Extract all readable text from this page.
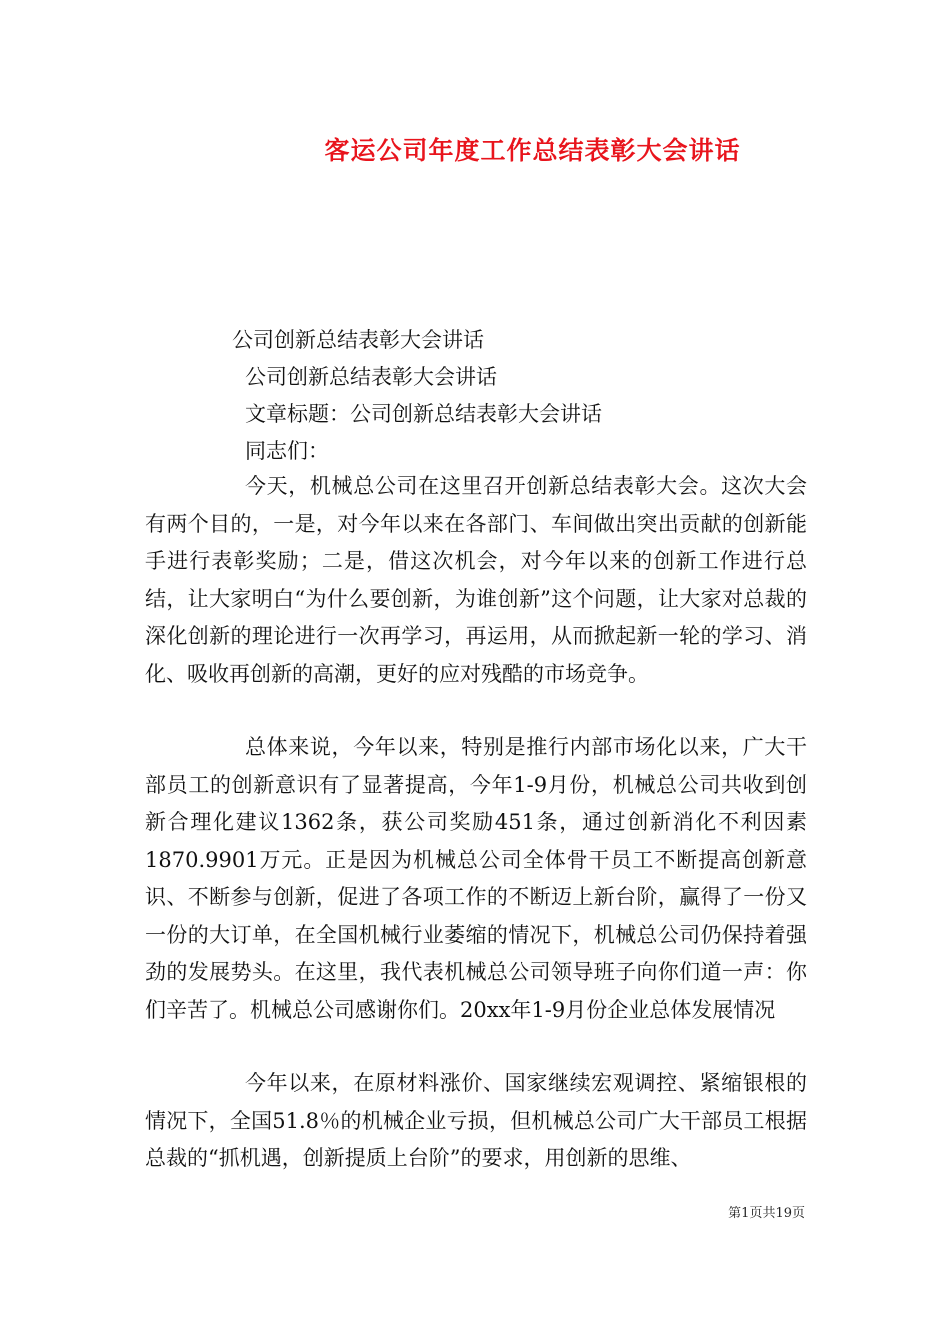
客运公司年度工作总结表彰大会讲话
公司创新总结表彰大会讲话
公司创新总结表彰大会讲话
文章标题：公司创新总结表彰大会讲话
同志们：

今天，机械总公司在这里召开创新总结表彰大会。这次大会有两个目的，一是，对今年以来在各部门、车间做出突出贡献的创新能手进行表彰奖励；二是，借这次机会，对今年以来的创新工作进行总结，让大家明白“为什么要创新，为谁创新”这个问题，让大家对总裁的深化创新的理论进行一次再学习，再运用，从而掀起新一轮的学习、消化、吸收再创新的高潮，更好的应对残酷的市场竞争。

总体来说，今年以来，特别是推行内部市场化以来，广大干部员工的创新意识有了显著提高，今年1-9月份，机械总公司共收到创新合理化建议1362条，获公司奖励451条，通过创新消化不利因素1870.9901万元。正是因为机械总公司全体骨干员工不断提高创新意识、不断参与创新，促进了各项工作的不断迈上新台阶，赢得了一份又一份的大订单，在全国机械行业萎缩的情况下，机械总公司仍保持着强劲的发展势头。在这里，我代表机械总公司领导班子向你们道一声：你们辛苦了。机械总公司感谢你们。20xx年1-9月份企业总体发展情况

今年以来，在原材料涨价、国家继续宏观调控、紧缩银根的情况下，全国51.8％的机械企业亏损，但机械总公司广大干部员工根据总裁的“抓机遇，创新提质上台阶”的要求，用创新的思维、

第1页共19页
